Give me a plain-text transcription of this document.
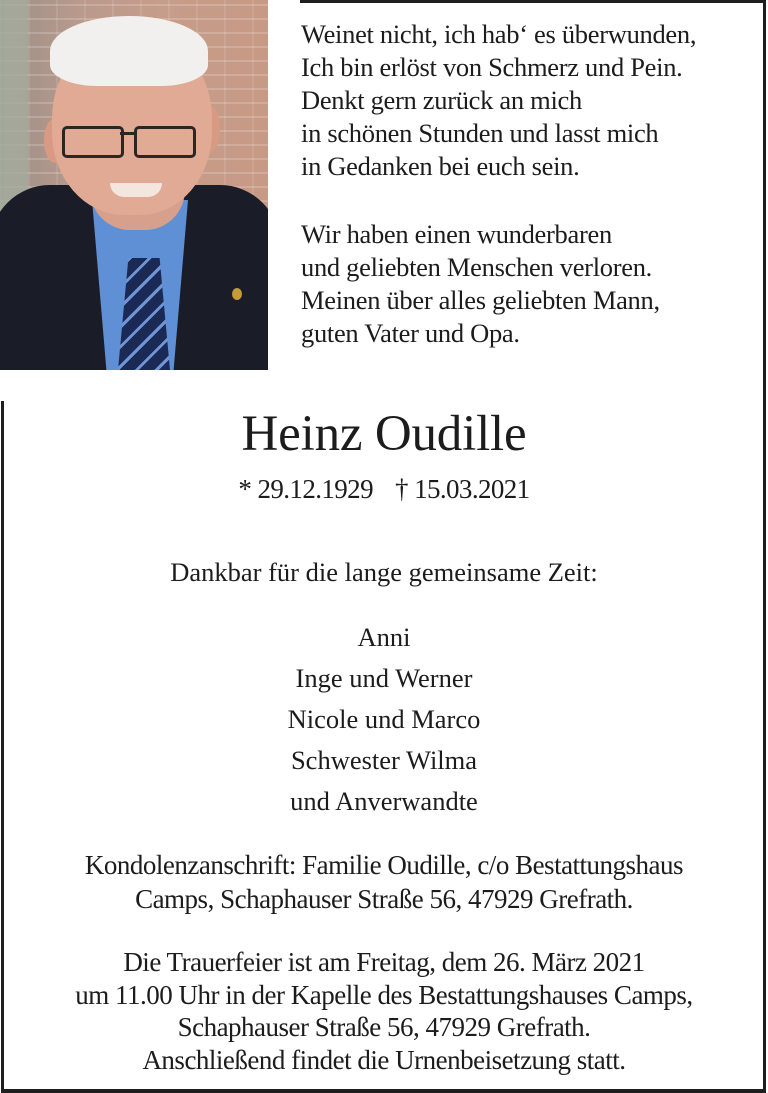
Weinet nicht, ich hab‘ es überwunden,
Ich bin erlöst von Schmerz und Pein.
Denkt gern zurück an mich
in schönen Stunden und lasst mich
in Gedanken bei euch sein.
Wir haben einen wunderbaren
und geliebten Menschen verloren.
Meinen über alles geliebten Mann,
guten Vater und Opa.
Heinz Oudille
* 29.12.1929 † 15.03.2021
Dankbar für die lange gemeinsame Zeit:
Anni
Inge und Werner
Nicole und Marco
Schwester Wilma
und Anverwandte
Kondolenzanschrift: Familie Oudille, c/o Bestattungshaus
Camps, Schaphauser Straße 56, 47929 Grefrath.
Die Trauerfeier ist am Freitag, dem 26. März 2021
um 11.00 Uhr in der Kapelle des Bestattungshauses Camps,
Schaphauser Straße 56, 47929 Grefrath.
Anschließend findet die Urnenbeisetzung statt.
